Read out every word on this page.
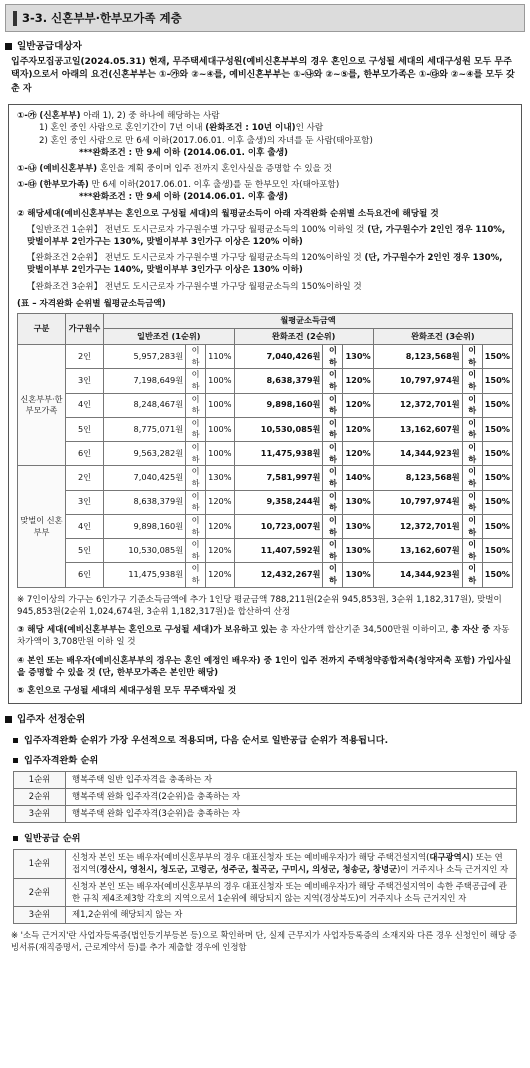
3-3. 신혼부부·한부모가족 계층
일반공급대상자
입주자모집공고일(2024.05.31) 현재, 무주택세대구성원(예비신혼부부의 경우 혼인으로 구성될 세대의 세대구성원 모두 무주택자)으로서 아래의 요건(신혼부부는 ①-㉮와 ②~④를, 예비신혼부부는 ①-㉯와 ②~⑤를, 한부모가족은 ①-㉰와 ②~④를 모두 갖춘 자
①-㉮ (신혼부부) 아래 1), 2) 중 하나에 해당하는 사람
1) 혼인 중인 사람으로 혼인기간이 7년 이내 (완화조건 : 10년 이내)인 사람
2) 혼인 중인 사람으로 만 6세 이하(2017.06.01. 이후 출생)의 자녀를 둔 사람(태아포함)
***완화조건 : 만 9세 이하 (2014.06.01. 이후 출생)
①-㉯ (예비신혼부부) 혼인을 계획 중이며 입주 전까지 혼인사실을 증명할 수 있을 것
①-㉰ (한부모가족) 만 6세 이하(2017.06.01. 이후 출생)를 둔 한부모인 자(태아포함)
***완화조건 : 만 9세 이하 (2014.06.01. 이후 출생)
② 해당세대(예비신혼부부는 혼인으로 구성될 세대)의 월평균소득이 아래 자격완화 순위별 소득요건에 해당될 것
【일반조건 1순위】 전년도 도시근로자 가구원수별 가구당 월평균소득의 100% 이하일 것 (단, 가구원수가 2인인 경우 110%, 맞벌이부부 2인가구는 130%, 맞벌이부부 3인가구 이상은 120% 이하)
【완화조건 2순위】 전년도 도시근로자 가구원수별 가구당 월평균소득의 120%이하일 것 (단, 가구원수가 2인인 경우 130%, 맞벌이부부 2인가구는 140%, 맞벌이부부 3인가구 이상은 130% 이하)
【완화조건 3순위】 전년도 도시근로자 가구원수별 가구당 월평균소득의 150%이하일 것
(표 – 자격완화 순위별 월평균소득금액)
구분	가구원수	월평균소득금액								
		일반조건 (1순위)			완화조건 (2순위)			완화조건 (3순위)		
신혼부부·한부모가족	2인	5,957,283원	이하	110%	7,040,426원	이하	130%	8,123,568원	이하	150%
	3인	7,198,649원	이하	100%	8,638,379원	이하	120%	10,797,974원	이하	150%
	4인	8,248,467원	이하	100%	9,898,160원	이하	120%	12,372,701원	이하	150%
	5인	8,775,071원	이하	100%	10,530,085원	이하	120%	13,162,607원	이하	150%
	6인	9,563,282원	이하	100%	11,475,938원	이하	120%	14,344,923원	이하	150%
맞벌이 신혼부부	2인	7,040,425원	이하	130%	7,581,997원	이하	140%	8,123,568원	이하	150%
	3인	8,638,379원	이하	120%	9,358,244원	이하	130%	10,797,974원	이하	150%
	4인	9,898,160원	이하	120%	10,723,007원	이하	130%	12,372,701원	이하	150%
	5인	10,530,085원	이하	120%	11,407,592원	이하	130%	13,162,607원	이하	150%
	6인	11,475,938원	이하	120%	12,432,267원	이하	130%	14,344,923원	이하	150%
※ 7인이상의 가구는 6인가구 기준소득금액에 추가 1인당 평균금액 788,211원(2순위 945,853원, 3순위 1,182,317원), 맞벌이 945,853원(2순위 1,024,674원, 3순위 1,182,317원)을 합산하여 산정
③ 해당 세대(예비신혼부부는 혼인으로 구성될 세대)가 보유하고 있는 총 자산가액 합산기준 34,500만원 이하이고, 총 자산 중 자동차가액이 3,708만원 이하 일 것
④ 본인 또는 배우자(예비신혼부부의 경우는 혼인 예정인 배우자) 중 1인이 입주 전까지 주택청약종합저축(청약저축 포함) 가입사실을 증명할 수 있을 것 (단, 한부모가족은 본인만 해당)
⑤ 혼인으로 구성될 세대의 세대구성원 모두 무주택자일 것
입주자 선정순위
입주자격완화 순위가 가장 우선적으로 적용되며, 다음 순서로 일반공급 순위가 적용됩니다.
입주자격완화 순위
1순위	행복주택 일반 입주자격을 충족하는 자
2순위	행복주택 완화 입주자격(2순위)을 충족하는 자
3순위	행복주택 완화 입주자격(3순위)을 충족하는 자
일반공급 순위
1순위	신청자 본인 또는 배우자(예비신혼부부의 경우 대표신청자 또는 예비배우자)가 해당 주택건설지역(대구광역시) 또는 연접지역(경산시, 영천시, 청도군, 고령군, 성주군, 칠곡군, 구미시, 의성군, 청송군, 창녕군)이 거주지나 소득 근거지인 자
2순위	신청자 본인 또는 배우자(예비신혼부부의 경우 대표신청자 또는 예비배우자)가 해당 주택건설지역이 속한 주택공급에 관한 규칙 제4조제3항 각호의 지역으로서 1순위에 해당되지 않는 지역(경상북도)이 거주지나 소득 근거지인 자
3순위	제1,2순위에 해당되지 않는 자
※ '소득 근거지'란 사업자등록증(법인등기부등본 등)으로 확인하며 단, 실제 근무지가 사업자등록증의 소재지와 다른 경우 신청인이 해당 증빙서류(재직증명서, 근로계약서 등)를 추가 제출할 경우에 인정함
